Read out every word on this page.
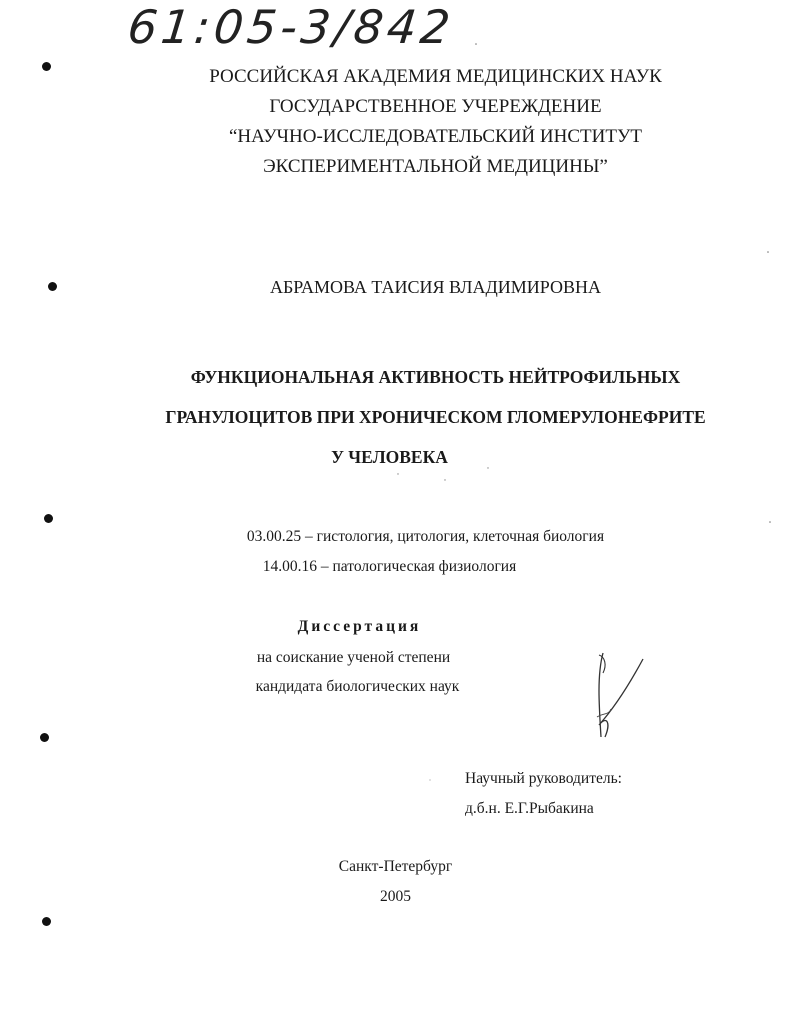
61:05-3/842
РОССИЙСКАЯ АКАДЕМИЯ МЕДИЦИНСКИХ НАУК
ГОСУДАРСТВЕННОЕ УЧЕРЕЖДЕНИЕ
“НАУЧНО-ИССЛЕДОВАТЕЛЬСКИЙ ИНСТИТУТ
ЭКСПЕРИМЕНТАЛЬНОЙ МЕДИЦИНЫ”
АБРАМОВА ТАИСИЯ ВЛАДИМИРОВНА
ФУНКЦИОНАЛЬНАЯ АКТИВНОСТЬ НЕЙТРОФИЛЬНЫХ
ГРАНУЛОЦИТОВ ПРИ ХРОНИЧЕСКОМ ГЛОМЕРУЛОНЕФРИТЕ
У ЧЕЛОВЕКА
03.00.25 – гистология, цитология, клеточная биология
14.00.16 – патологическая физиология
Диссертация
на соискание ученой степени
кандидата биологических наук
Научный руководитель:
д.б.н. Е.Г.Рыбакина
Санкт-Петербург
2005
